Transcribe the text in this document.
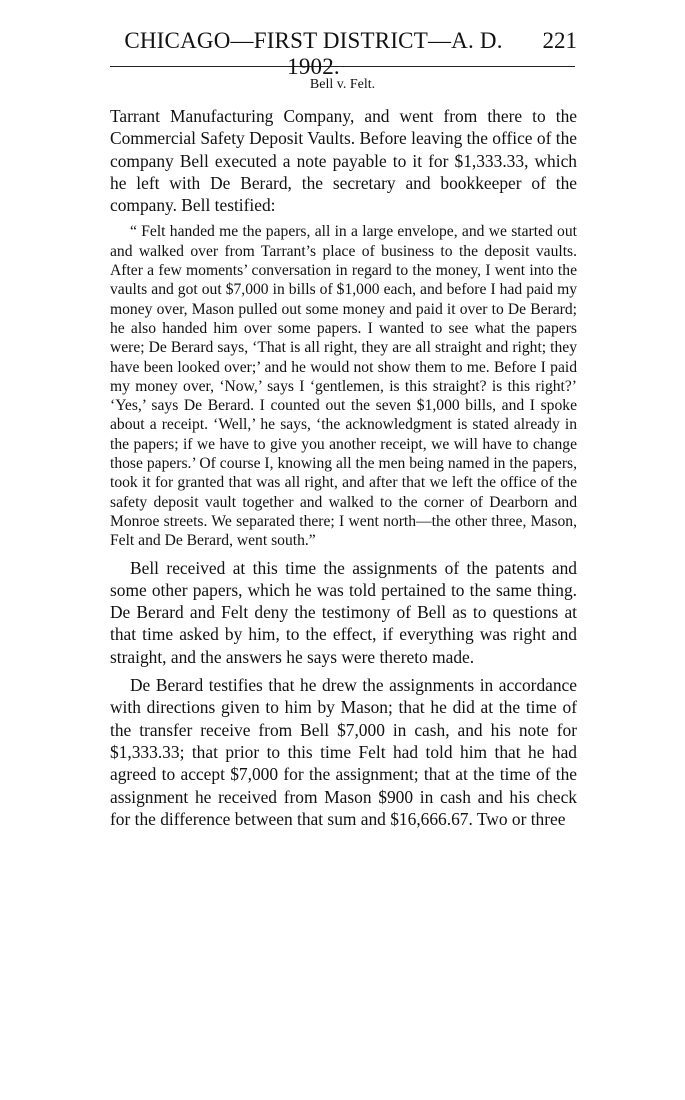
CHICAGO—FIRST DISTRICT—A. D. 1902.
221
Bell v. Felt.

Tarrant Manufacturing Company, and went from there to the Commercial Safety Deposit Vaults. Before leaving the office of the company Bell executed a note payable to it for $1,333.33, which he left with De Berard, the secretary and bookkeeper of the company. Bell testified:

“ Felt handed me the papers, all in a large envelope, and we started out and walked over from Tarrant’s place of business to the deposit vaults. After a few moments’ conversation in regard to the money, I went into the vaults and got out $7,000 in bills of $1,000 each, and before I had paid my money over, Mason pulled out some money and paid it over to De Berard; he also handed him over some papers. I wanted to see what the papers were; De Berard says, ‘That is all right, they are all straight and right; they have been looked over;’ and he would not show them to me. Before I paid my money over, ‘Now,’ says I ‘gentlemen, is this straight? is this right?’ ‘Yes,’ says De Berard. I counted out the seven $1,000 bills, and I spoke about a receipt. ‘Well,’ he says, ‘the acknowledgment is stated already in the papers; if we have to give you another receipt, we will have to change those papers.’ Of course I, knowing all the men being named in the papers, took it for granted that was all right, and after that we left the office of the safety deposit vault together and walked to the corner of Dearborn and Monroe streets. We separated there; I went north—the other three, Mason, Felt and De Berard, went south.”

Bell received at this time the assignments of the patents and some other papers, which he was told pertained to the same thing. De Berard and Felt deny the testimony of Bell as to questions at that time asked by him, to the effect, if everything was right and straight, and the answers he says were thereto made.

De Berard testifies that he drew the assignments in accordance with directions given to him by Mason; that he did at the time of the transfer receive from Bell $7,000 in cash, and his note for $1,333.33; that prior to this time Felt had told him that he had agreed to accept $7,000 for the assignment; that at the time of the assignment he received from Mason $900 in cash and his check for the difference between that sum and $16,666.67. Two or three
